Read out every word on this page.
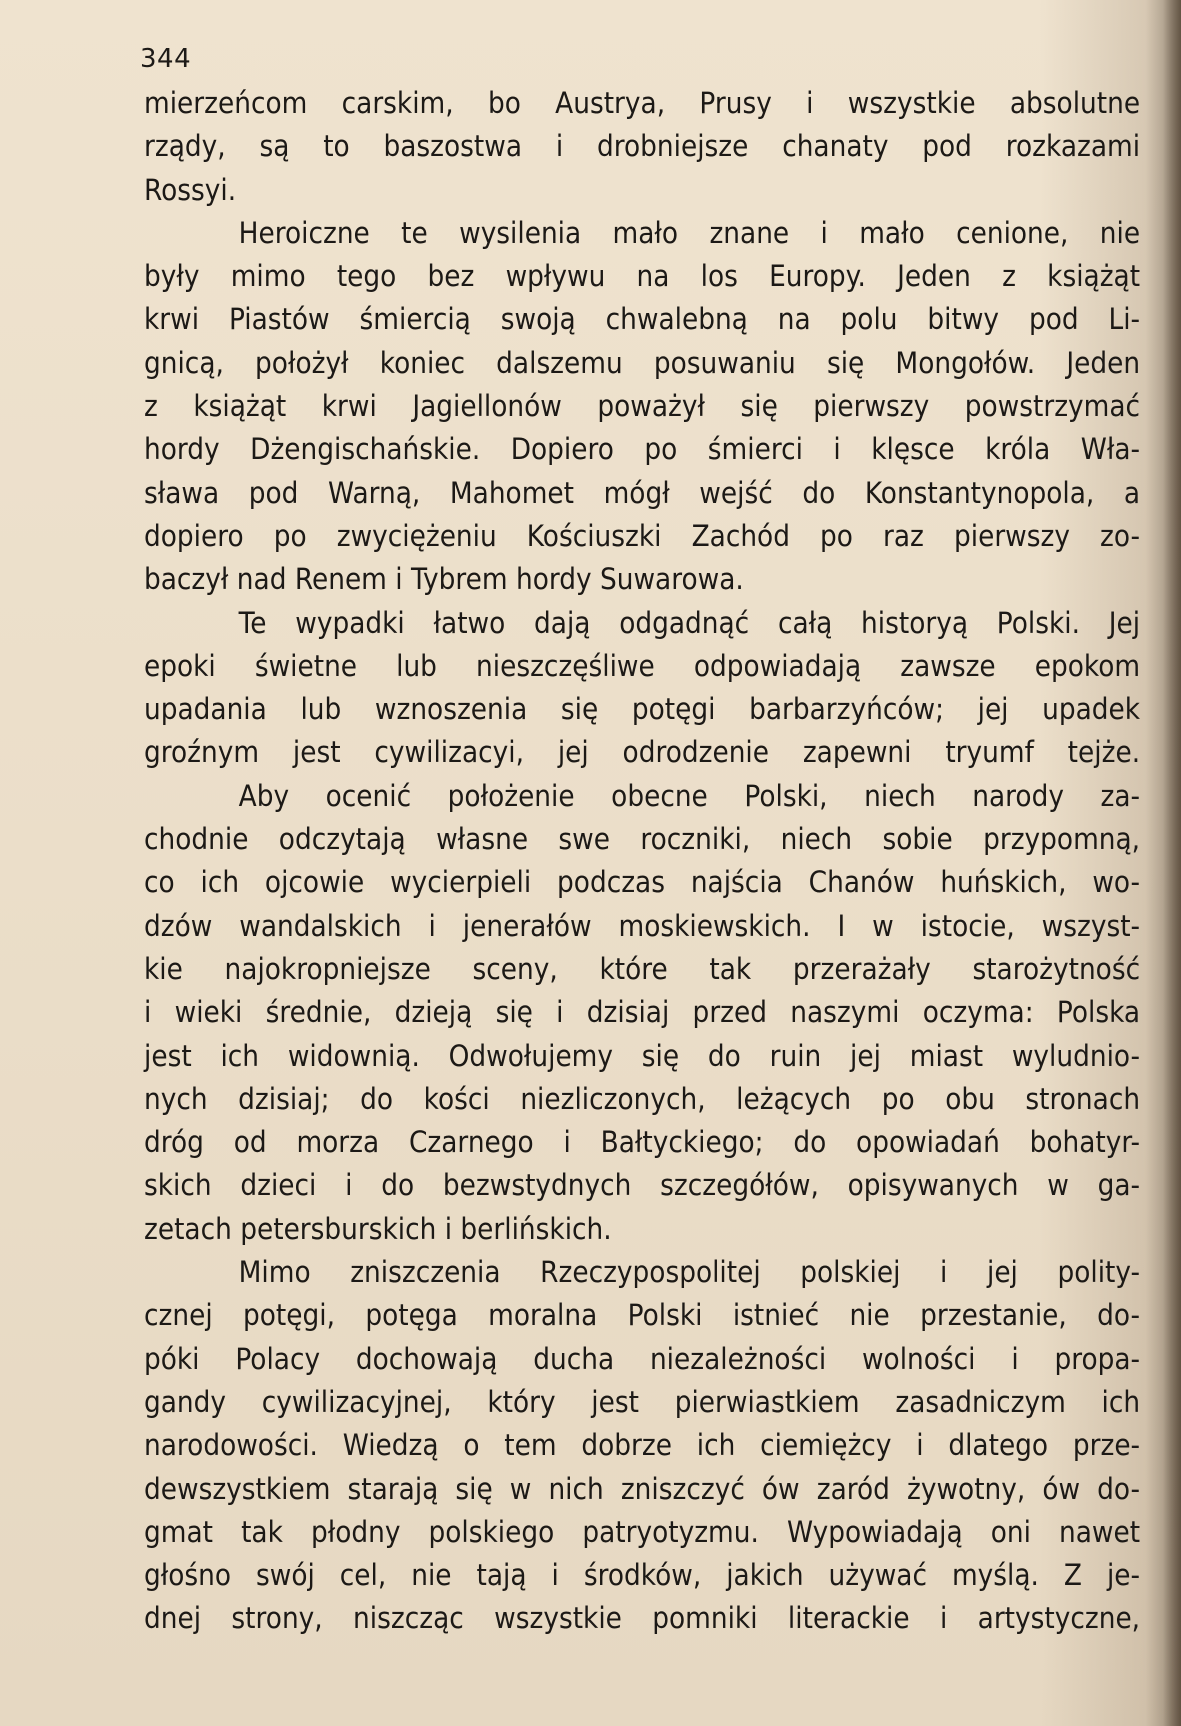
344
mierzeńcom carskim, bo Austrya, Prusy i wszystkie absolutne
rządy, są to baszostwa i drobniejsze chanaty pod rozkazami
Rossyi.
Heroiczne te wysilenia mało znane i mało cenione, nie
były mimo tego bez wpływu na los Europy. Jeden z książąt
krwi Piastów śmiercią swoją chwalebną na polu bitwy pod Li-
gnicą, położył koniec dalszemu posuwaniu się Mongołów. Jeden
z książąt krwi Jagiellonów poważył się pierwszy powstrzymać
hordy Dżengischańskie. Dopiero po śmierci i klęsce króla Wła-
sława pod Warną, Mahomet mógł wejść do Konstantynopola, a
dopiero po zwyciężeniu Kościuszki Zachód po raz pierwszy zo-
baczył nad Renem i Tybrem hordy Suwarowa.
Te wypadki łatwo dają odgadnąć całą historyą Polski. Jej
epoki świetne lub nieszczęśliwe odpowiadają zawsze epokom
upadania lub wznoszenia się potęgi barbarzyńców; jej upadek
groźnym jest cywilizacyi, jej odrodzenie zapewni tryumf tejże.
Aby ocenić położenie obecne Polski, niech narody za-
chodnie odczytają własne swe roczniki, niech sobie przypomną,
co ich ojcowie wycierpieli podczas najścia Chanów huńskich, wo-
dzów wandalskich i jenerałów moskiewskich. I w istocie, wszyst-
kie najokropniejsze sceny, które tak przerażały starożytność
i wieki średnie, dzieją się i dzisiaj przed naszymi oczyma: Polska
jest ich widownią. Odwołujemy się do ruin jej miast wyludnio-
nych dzisiaj; do kości niezliczonych, leżących po obu stronach
dróg od morza Czarnego i Bałtyckiego; do opowiadań bohatyr-
skich dzieci i do bezwstydnych szczegółów, opisywanych w ga-
zetach petersburskich i berlińskich.
Mimo zniszczenia Rzeczypospolitej polskiej i jej polity-
cznej potęgi, potęga moralna Polski istnieć nie przestanie, do-
póki Polacy dochowają ducha niezależności wolności i propa-
gandy cywilizacyjnej, który jest pierwiastkiem zasadniczym ich
narodowości. Wiedzą o tem dobrze ich ciemiężcy i dlatego prze-
dewszystkiem starają się w nich zniszczyć ów zaród żywotny, ów do-
gmat tak płodny polskiego patryotyzmu. Wypowiadają oni nawet
głośno swój cel, nie tają i środków, jakich używać myślą. Z je-
dnej strony, niszcząc wszystkie pomniki literackie i artystyczne,
